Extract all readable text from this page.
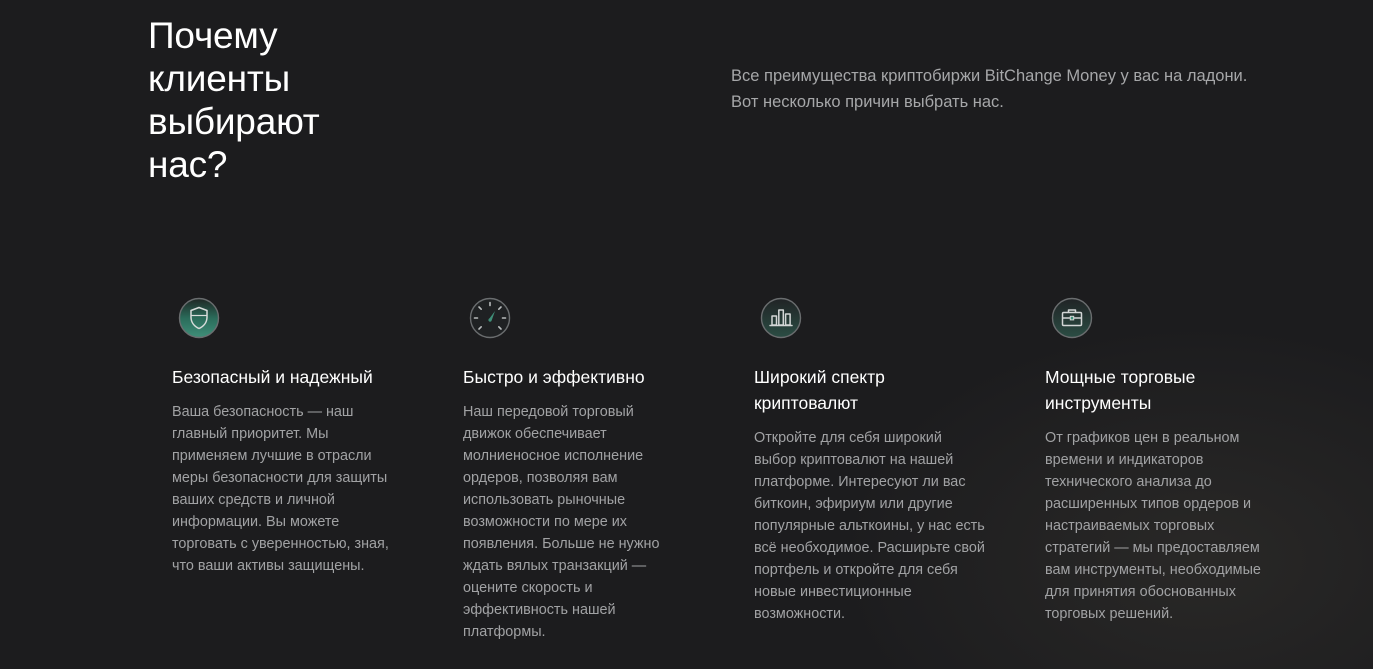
Почему клиенты выбирают нас?

Все преимущества криптобиржи BitChange Money у вас на ладони. Вот несколько причин выбрать нас.

Безопасный и надежный

Ваша безопасность — наш главный приоритет. Мы применяем лучшие в отрасли меры безопасности для защиты ваших средств и личной информации. Вы можете торговать с уверенностью, зная, что ваши активы защищены.

Быстро и эффективно

Наш передовой торговый движок обеспечивает молниеносное исполнение ордеров, позволяя вам использовать рыночные возможности по мере их появления. Больше не нужно ждать вялых транзакций — оцените скорость и эффективность нашей платформы.

Широкий спектр криптовалют

Откройте для себя широкий выбор криптовалют на нашей платформе. Интересуют ли вас биткоин, эфириум или другие популярные альткоины, у нас есть всё необходимое. Расширьте свой портфель и откройте для себя новые инвестиционные возможности.

Мощные торговые инструменты

От графиков цен в реальном времени и индикаторов технического анализа до расширенных типов ордеров и настраиваемых торговых стратегий — мы предоставляем вам инструменты, необходимые для принятия обоснованных торговых решений.
